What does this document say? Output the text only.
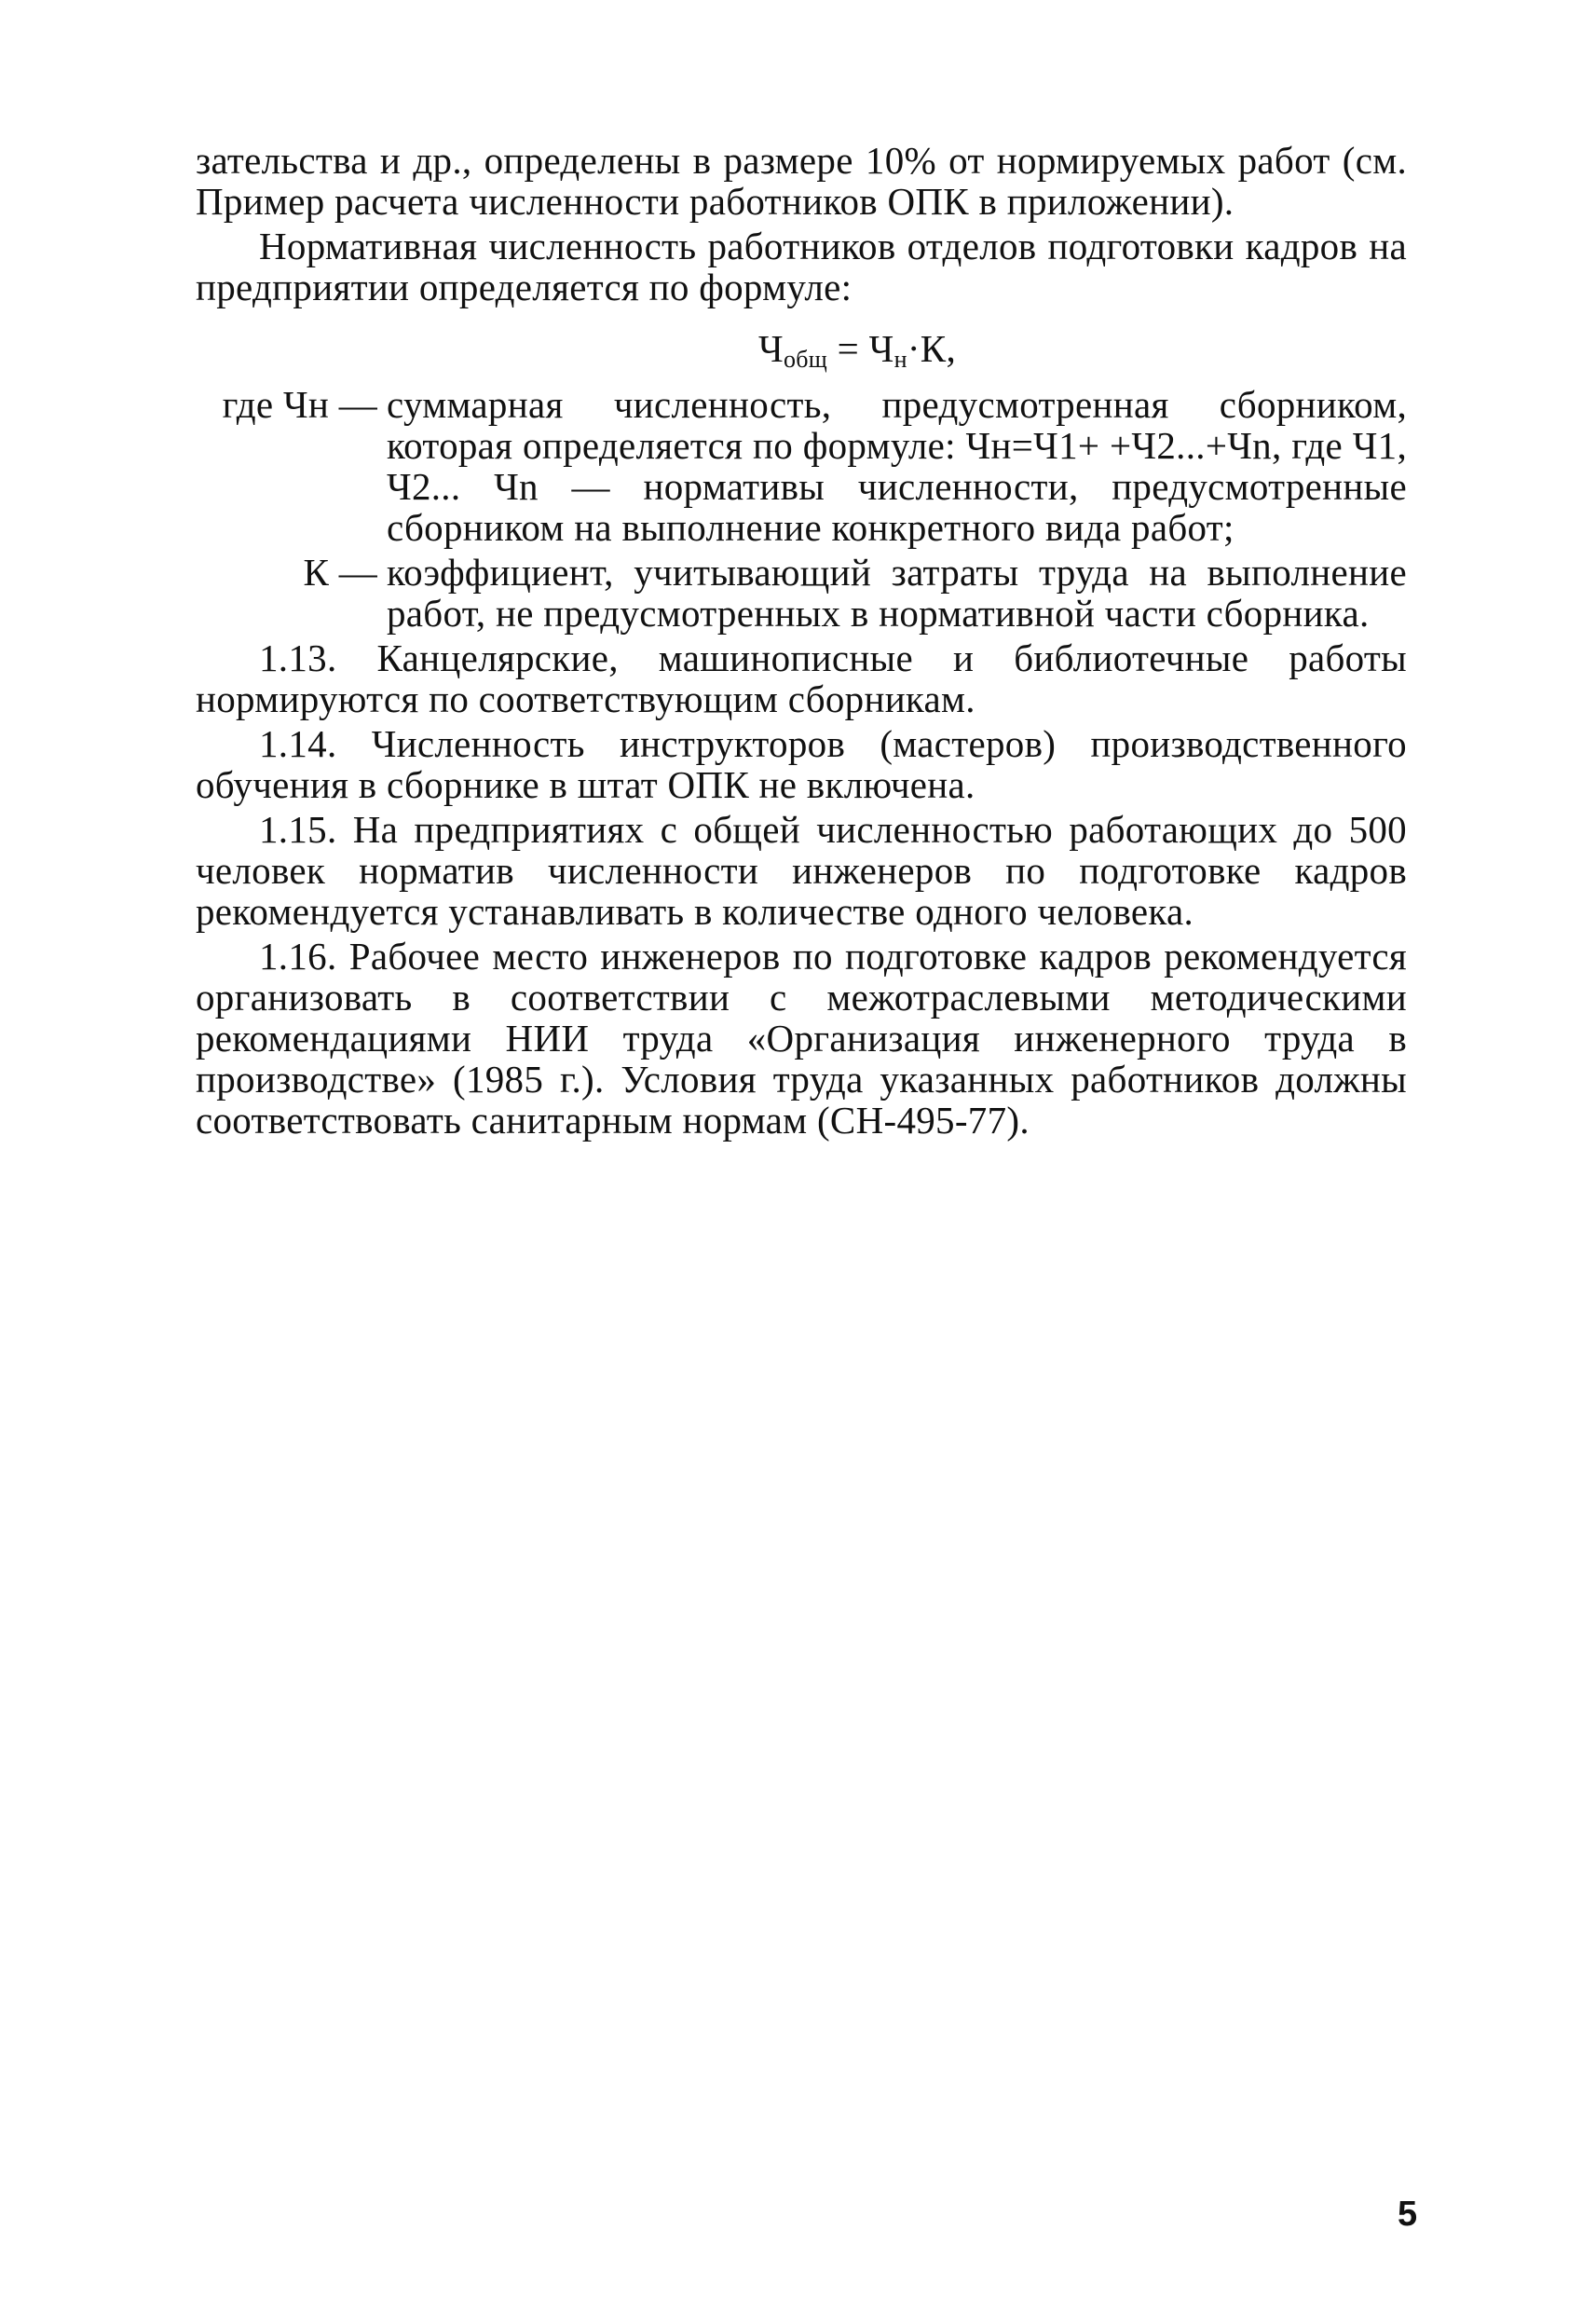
зательства и др., определены в размере 10% от нормируемых работ (см. Пример расчета численности работников ОПК в приложении).

Нормативная численность работников отделов подготовки кадров на предприятии определяется по формуле:

$Ч_{общ} = Ч_н\cdot К$,
где Чн — суммарная численность, предусмотренная сборником, которая определяется по формуле: Чн=Ч1+ +Ч2...+Чn, где Ч1, Ч2... Чn — нормативы численности, предусмотренные сборником на выполнение конкретного вида работ;
К — коэффициент, учитывающий затраты труда на выполнение работ, не предусмотренных в нормативной части сборника.

1.13. Канцелярские, машинописные и библиотечные работы нормируются по соответствующим сборникам.

1.14. Численность инструкторов (мастеров) производственного обучения в сборнике в штат ОПК не включена.

1.15. На предприятиях с общей численностью работающих до 500 человек норматив численности инженеров по подготовке кадров рекомендуется устанавливать в количестве одного человека.

1.16. Рабочее место инженеров по подготовке кадров рекомендуется организовать в соответствии с межотраслевыми методическими рекомендациями НИИ труда «Организация инженерного труда в производстве» (1985 г.). Условия труда указанных работников должны соответствовать санитарным нормам (СН-495-77).

5
